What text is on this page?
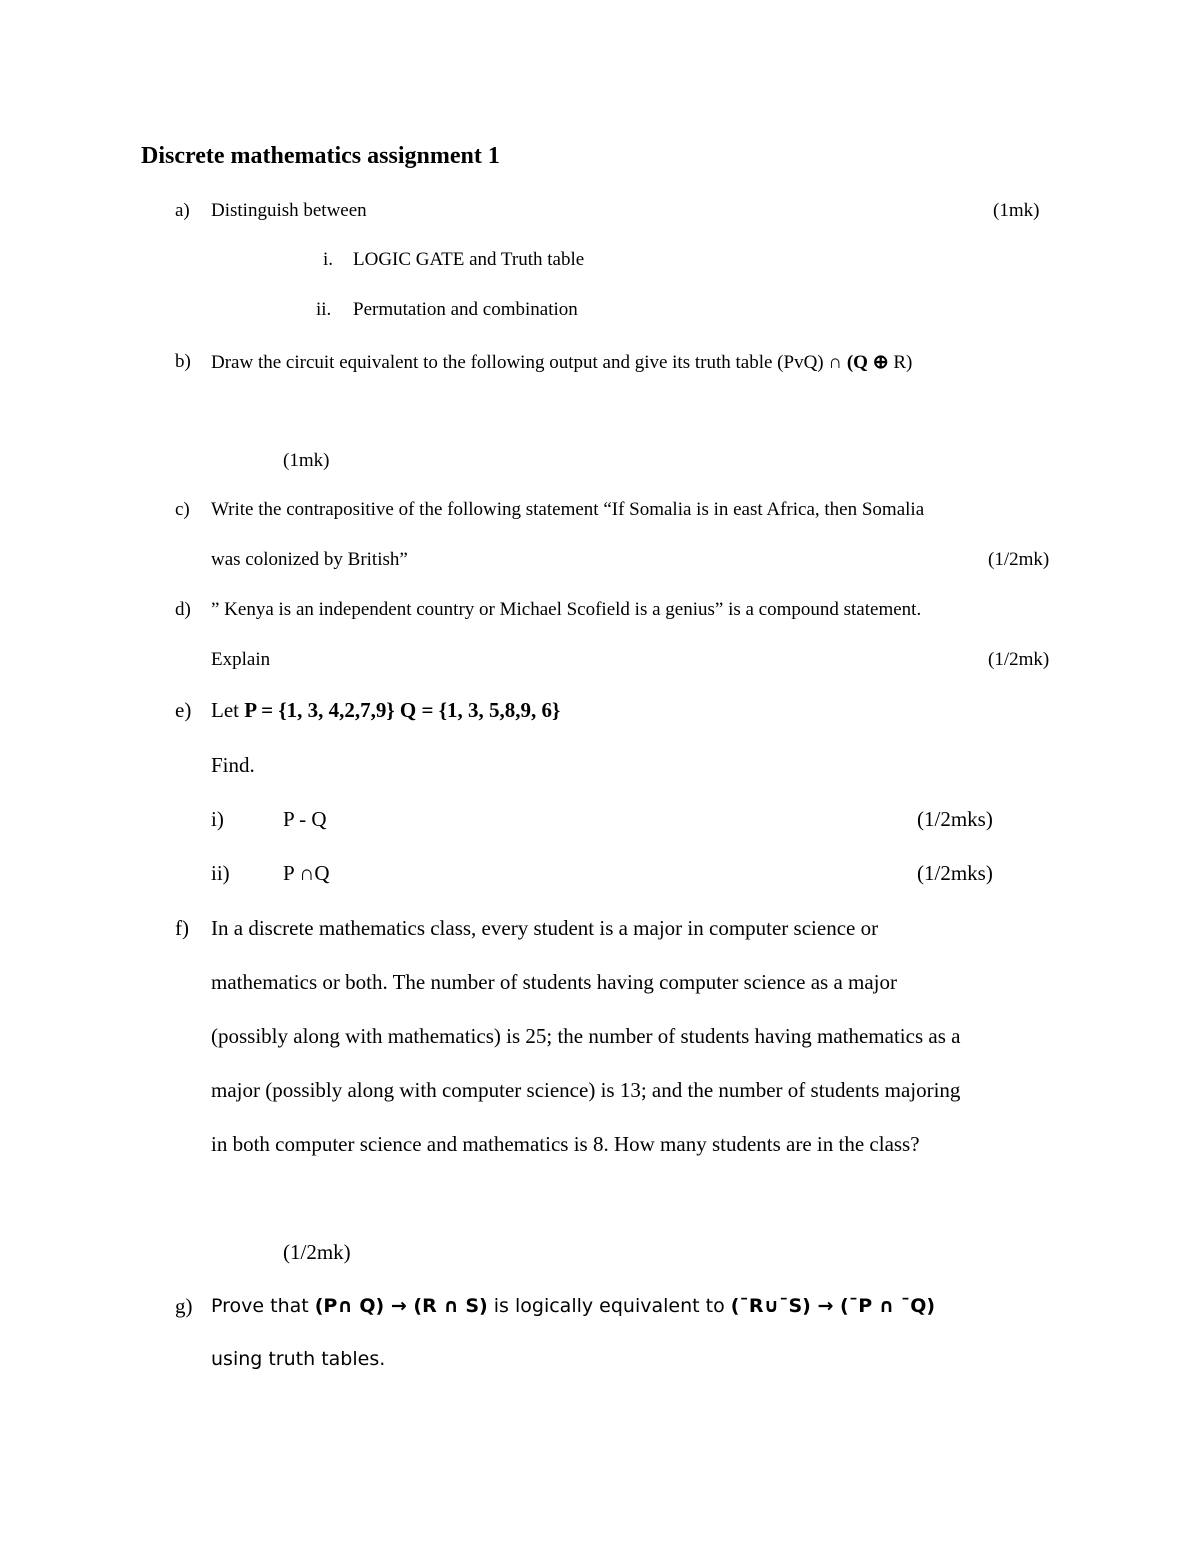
Discrete mathematics assignment 1
a) Distinguish between	(1mk)
i. LOGIC GATE and Truth table
ii. Permutation and combination
b) Draw the circuit equivalent to the following output and give its truth table (PvQ) ∩ (Q ⊕ R)
(1mk)
c) Write the contrapositive of the following statement “If Somalia is in east Africa, then Somalia
was colonized by British”	(1/2mk)
d) ” Kenya is an independent country or Michael Scofield is a genius” is a compound statement.
Explain	(1/2mk)
e) Let P = {1, 3, 4,2,7,9} Q = {1, 3, 5,8,9, 6}
Find.
i)	P - Q	(1/2mks)
ii)	P ∩Q	(1/2mks)
f) In a discrete mathematics class, every student is a major in computer science or
mathematics or both. The number of students having computer science as a major
(possibly along with mathematics) is 25; the number of students having mathematics as a
major (possibly along with computer science) is 13; and the number of students majoring
in both computer science and mathematics is 8. How many students are in the class?
(1/2mk)
g) Prove that (P∩ Q) → (R ∩ S) is logically equivalent to (¯R∪¯S) → (¯P ∩ ¯Q)
using truth tables.
